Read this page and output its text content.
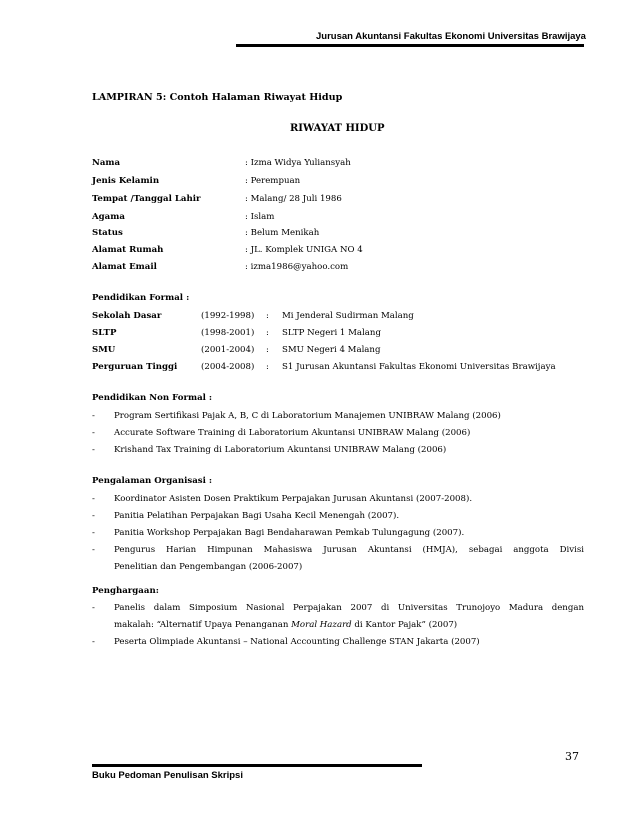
Jurusan Akuntansi Fakultas Ekonomi Universitas Brawijaya
LAMPIRAN 5: Contoh Halaman Riwayat Hidup
RIWAYAT HIDUP
Nama	: Izma Widya Yuliansyah
Jenis Kelamin	: Perempuan
Tempat /Tanggal Lahir	: Malang/ 28 Juli 1986
Agama	: Islam
Status	: Belum Menikah
Alamat Rumah	: JL. Komplek UNIGA NO 4
Alamat Email	: izma1986@yahoo.com
Pendidikan Formal :
Sekolah Dasar	(1992-1998) : Mi Jenderal Sudirman Malang
SLTP	(1998-2001) : SLTP Negeri 1 Malang
SMU	(2001-2004) : SMU Negeri 4 Malang
Perguruan Tinggi	(2004-2008) : S1 Jurusan Akuntansi Fakultas Ekonomi Universitas Brawijaya
Pendidikan Non Formal :
- Program Sertifikasi Pajak A, B, C di Laboratorium Manajemen UNIBRAW Malang (2006)
- Accurate Software Training di Laboratorium Akuntansi UNIBRAW Malang (2006)
- Krishand Tax Training di Laboratorium Akuntansi UNIBRAW Malang (2006)
Pengalaman Organisasi :
- Koordinator Asisten Dosen Praktikum Perpajakan Jurusan Akuntansi (2007-2008).
- Panitia Pelatihan Perpajakan Bagi Usaha Kecil Menengah (2007).
- Panitia Workshop Perpajakan Bagi Bendaharawan Pemkab Tulungagung (2007).
- Pengurus Harian Himpunan Mahasiswa Jurusan Akuntansi (HMJA), sebagai anggota Divisi
Penelitian dan Pengembangan (2006-2007)
Penghargaan:
- Panelis dalam Simposium Nasional Perpajakan 2007 di Universitas Trunojoyo Madura dengan
makalah: “Alternatif Upaya Penanganan Moral Hazard di Kantor Pajak” (2007)
- Peserta Olimpiade Akuntansi – National Accounting Challenge STAN Jakarta (2007)
37
Buku Pedoman Penulisan Skripsi
